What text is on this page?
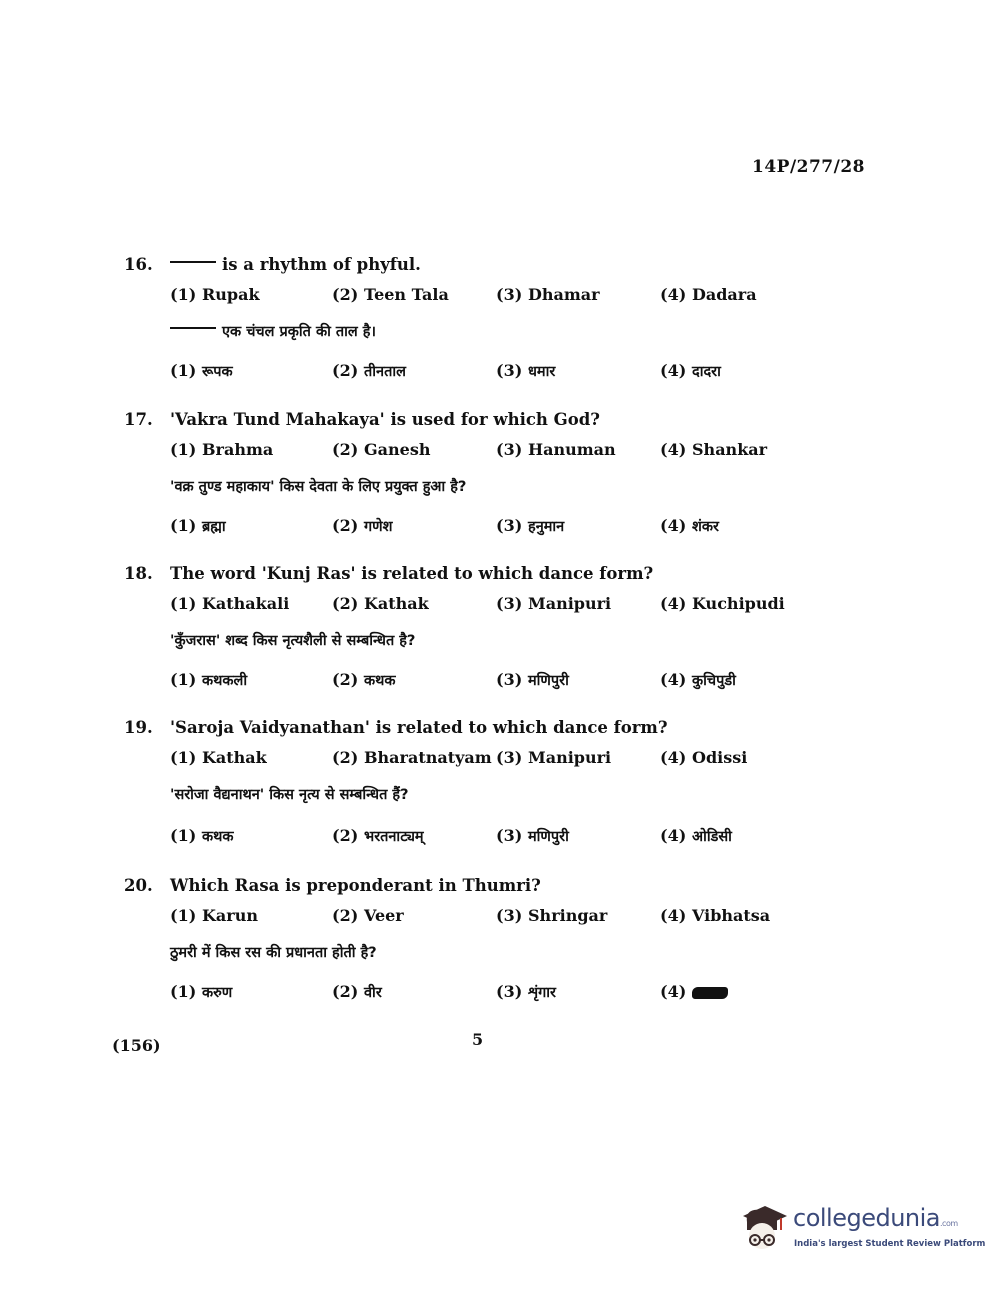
14P/277/28
16.	is a rhythm of phyful.
(1) Rupak	(2) Teen Tala	(3) Dhamar	(4) Dadara
एक चंचल प्रकृति की ताल है।
(1) रूपक	(2) तीनताल	(3) धमार	(4) दादरा
17. 'Vakra Tund Mahakaya' is used for which God?
(1) Brahma	(2) Ganesh	(3) Hanuman	(4) Shankar
'वक्र तुण्ड महाकाय' किस देवता के लिए प्रयुक्त हुआ है?
(1) ब्रह्मा	(2) गणेश	(3) हनुमान	(4) शंकर
18. The word 'Kunj Ras' is related to which dance form?
(1) Kathakali	(2) Kathak	(3) Manipuri	(4) Kuchipudi
'कुँजरास' शब्द किस नृत्यशैली से सम्बन्धित है?
(1) कथकली	(2) कथक	(3) मणिपुरी	(4) कुचिपुडी
19. 'Saroja Vaidyanathan' is related to which dance form?
(1) Kathak	(2) Bharatnatyam (3) Manipuri	(4) Odissi
'सरोजा वैद्यनाथन' किस नृत्य से सम्बन्धित हैं?
(1) कथक	(2) भरतनाट्यम्	(3) मणिपुरी	(4) ओडिसी
20. Which Rasa is preponderant in Thumri?
(1) Karun	(2) Veer	(3) Shringar	(4) Vibhatsa
ठुमरी में किस रस की प्रधानता होती है?
(1) करुण	(2) वीर	(3) शृंगार	(4)
(156)	5
collegedunia.com
India's largest Student Review Platform
